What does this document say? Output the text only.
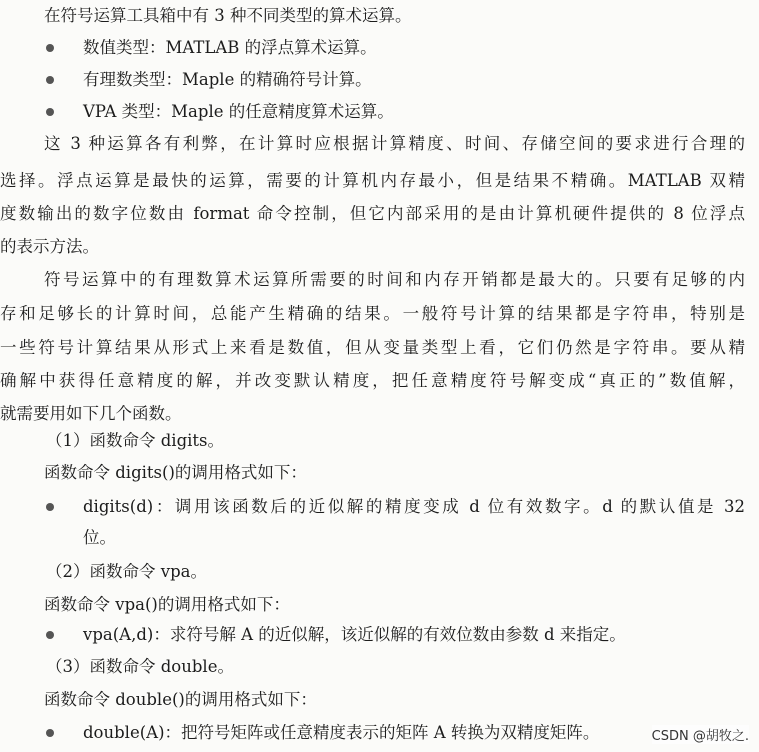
在符号运算工具箱中有 3 种不同类型的算术运算。
数值类型：MATLAB 的浮点算术运算。
有理数类型：Maple 的精确符号计算。
VPA 类型：Maple 的任意精度算术运算。
这 3 种运算各有利弊，在计算时应根据计算精度、时间、存储空间的要求进行合理的
选择。浮点运算是最快的运算，需要的计算机内存最小，但是结果不精确。MATLAB 双精
度数输出的数字位数由 format 命令控制，但它内部采用的是由计算机硬件提供的 8 位浮点
的表示方法。
符号运算中的有理数算术运算所需要的时间和内存开销都是最大的。只要有足够的内
存和足够长的计算时间，总能产生精确的结果。一般符号计算的结果都是字符串，特别是
一些符号计算结果从形式上来看是数值，但从变量类型上看，它们仍然是字符串。要从精
确解中获得任意精度的解，并改变默认精度，把任意精度符号解变成“真正的”数值解，
就需要用如下几个函数。
（1）函数命令 digits。
函数命令 digits()的调用格式如下：
digits(d)：调用该函数后的近似解的精度变成 d 位有效数字。d 的默认值是 32
位。
（2）函数命令 vpa。
函数命令 vpa()的调用格式如下：
vpa(A,d)：求符号解 A 的近似解，该近似解的有效位数由参数 d 来指定。
（3）函数命令 double。
函数命令 double()的调用格式如下：
double(A)：把符号矩阵或任意精度表示的矩阵 A 转换为双精度矩阵。	CSDN @胡牧之.
